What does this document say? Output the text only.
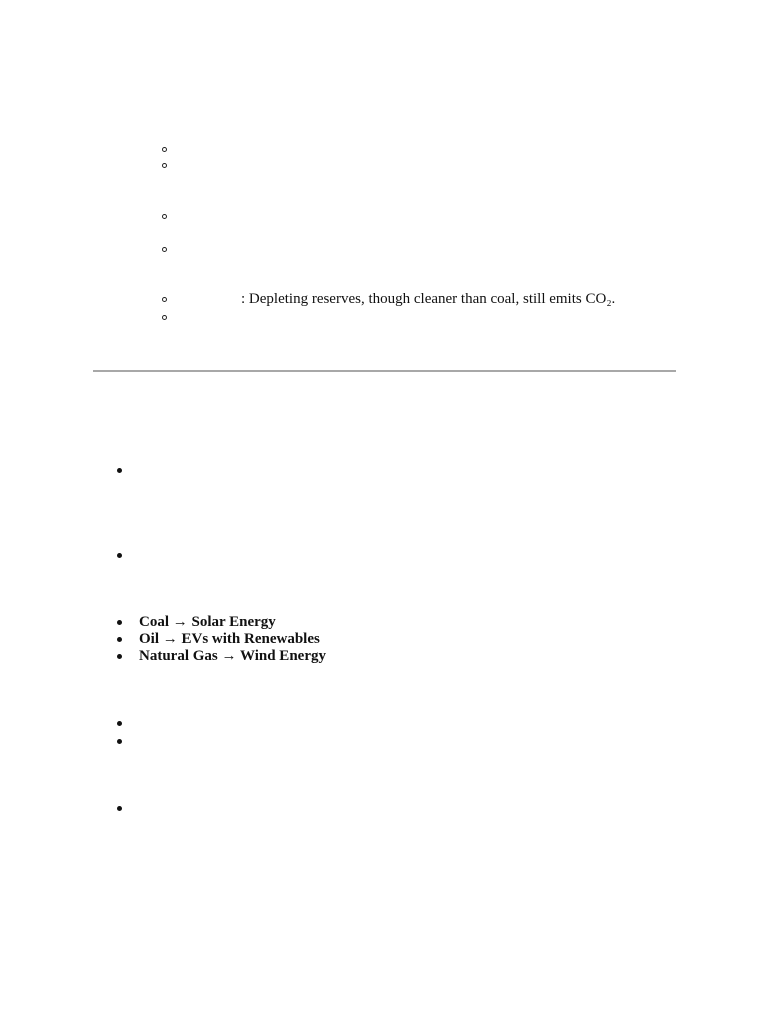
: Depleting reserves, though cleaner than coal, still emits CO₂.
Coal → Solar Energy
Oil → EVs with Renewables
Natural Gas → Wind Energy
